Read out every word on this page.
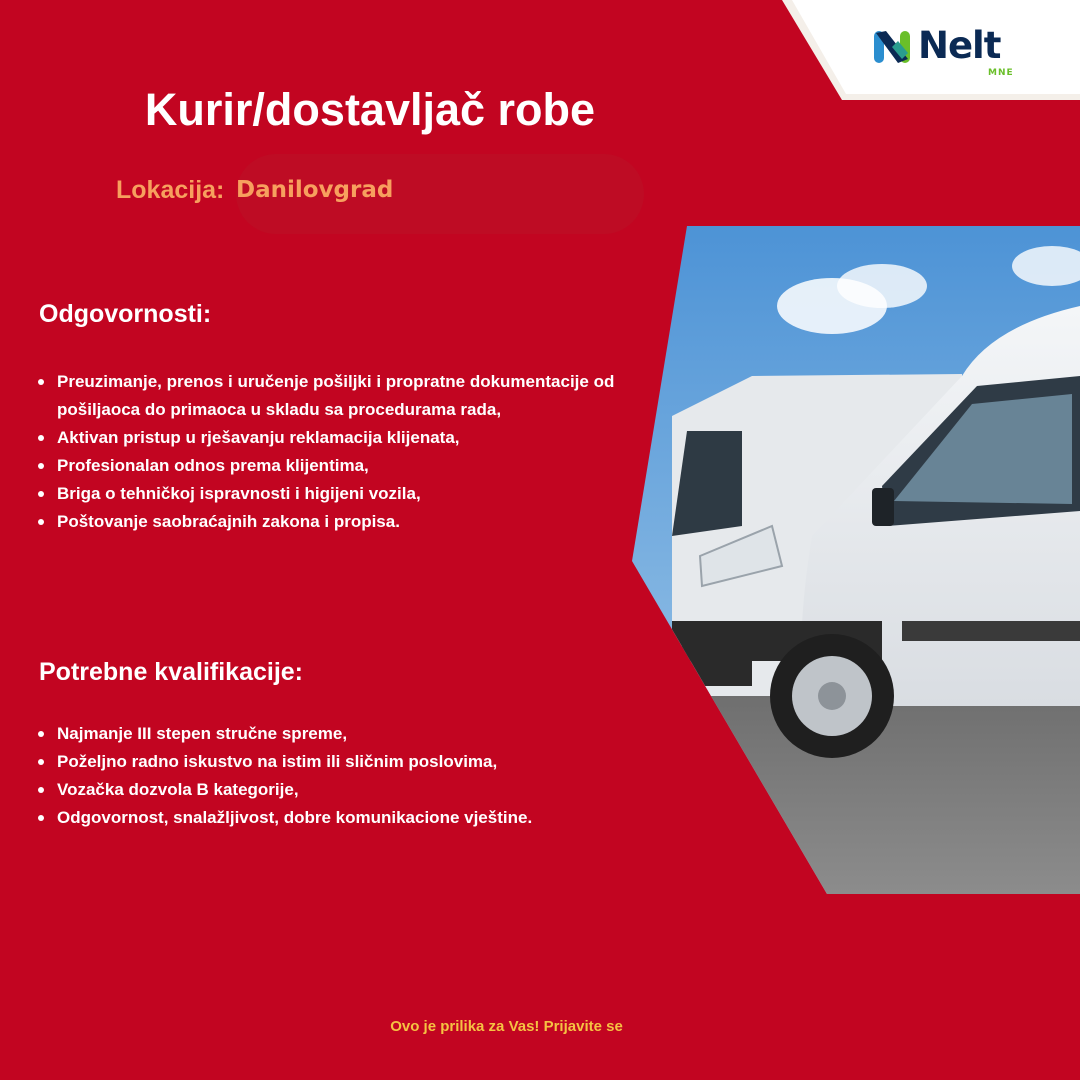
Nelt
MNE
Kurir/dostavljač robe
Lokacija: Danilovgrad
Odgovornosti:
Preuzimanje, prenos i uručenje pošiljki i propratne dokumentacije od pošiljaoca do primaoca u skladu sa procedurama rada,
Aktivan pristup u rješavanju reklamacija klijenata,
Profesionalan odnos prema klijentima,
Briga o tehničkoj ispravnosti i higijeni vozila,
Poštovanje saobraćajnih zakona i propisa.
Potrebne kvalifikacije:
Najmanje III stepen stručne spreme,
Poželjno radno iskustvo na istim ili sličnim poslovima,
Vozačka dozvola B kategorije,
Odgovornost, snalažljivost, dobre komunikacione vještine.
Ovo je prilika za Vas! Prijavite se
